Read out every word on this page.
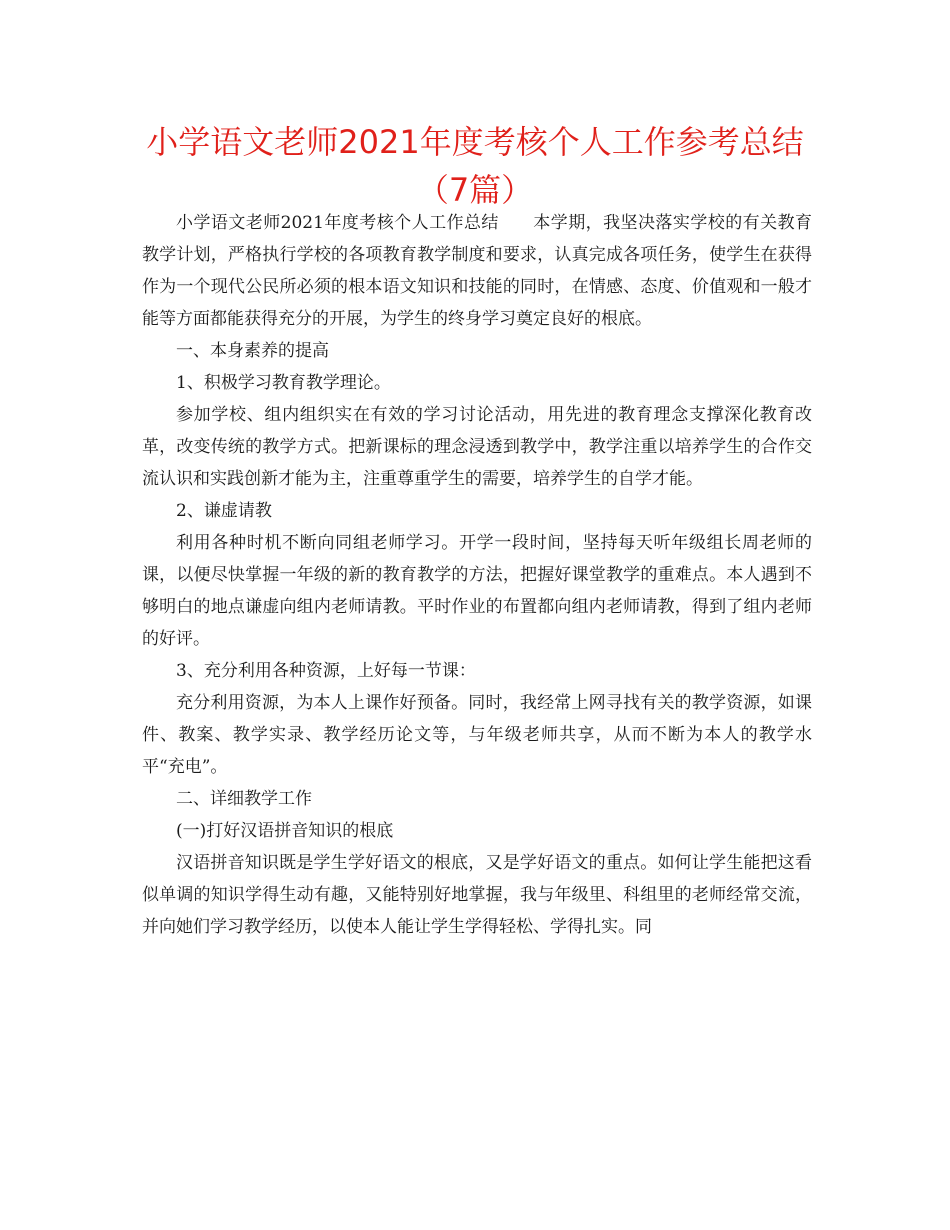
小学语文老师2021年度考核个人工作参考总结
（7篇）

小学语文老师2021年度考核个人工作总结 本学期，我坚决落实学校的有关教育教学计划，严格执行学校的各项教育教学制度和要求，认真完成各项任务，使学生在获得作为一个现代公民所必须的根本语文知识和技能的同时，在情感、态度、价值观和一般才能等方面都能获得充分的开展，为学生的终身学习奠定良好的根底。

一、本身素养的提高

1、积极学习教育教学理论。

参加学校、组内组织实在有效的学习讨论活动，用先进的教育理念支撑深化教育改革，改变传统的教学方式。把新课标的理念浸透到教学中，教学注重以培养学生的合作交流认识和实践创新才能为主，注重尊重学生的需要，培养学生的自学才能。

2、谦虚请教

利用各种时机不断向同组老师学习。开学一段时间，坚持每天听年级组长周老师的课，以便尽快掌握一年级的新的教育教学的方法，把握好课堂教学的重难点。本人遇到不够明白的地点谦虚向组内老师请教。平时作业的布置都向组内老师请教，得到了组内老师的好评。

3、充分利用各种资源，上好每一节课：

充分利用资源，为本人上课作好预备。同时，我经常上网寻找有关的教学资源，如课件、教案、教学实录、教学经历论文等，与年级老师共享，从而不断为本人的教学水平“充电”。

二、详细教学工作

(一)打好汉语拼音知识的根底

汉语拼音知识既是学生学好语文的根底，又是学好语文的重点。如何让学生能把这看似单调的知识学得生动有趣，又能特别好地掌握，我与年级里、科组里的老师经常交流，并向她们学习教学经历，以使本人能让学生学得轻松、学得扎实。同
